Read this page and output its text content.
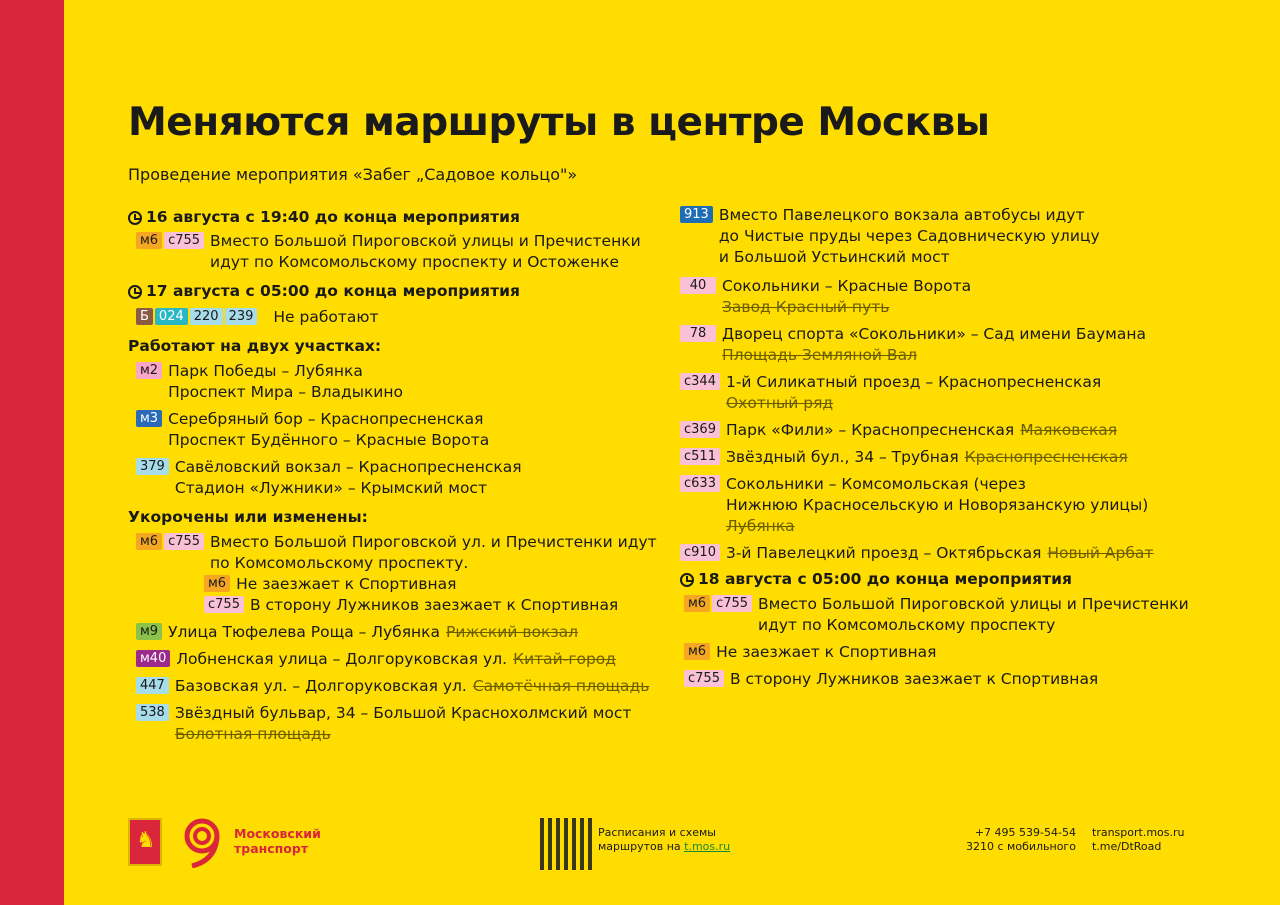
Меняются маршруты в центре Москвы
Проведение мероприятия «Забег „Садовое кольцо"»
16 августа с 19:40 до конца мероприятия
м6 с755 Вместо Большой Пироговской улицы и Пречистенки
идут по Комсомольскому проспекту и Остоженке
17 августа с 05:00 до конца мероприятия
Б 024 220 239 Не работают
Работают на двух участках:
м2 Парк Победы – Лубянка
Проспект Мира – Владыкино
м3 Серебряный бор – Краснопресненская
Проспект Будённого – Красные Ворота
379 Савёловский вокзал – Краснопресненская
Стадион «Лужники» – Крымский мост
Укорочены или изменены:
м6 с755 Вместо Большой Пироговской ул. и Пречистенки идут
по Комсомольскому проспекту.
м6 Не заезжает к Спортивная
с755 В сторону Лужников заезжает к Спортивная
м9 Улица Тюфелева Роща – Лубянка Рижский вокзал
м40 Лобненская улица – Долгоруковская ул. Китай-город
447 Базовская ул. – Долгоруковская ул. Самотёчная площадь
538 Звёздный бульвар, 34 – Большой Краснохолмский мост
Болотная площадь
913 Вместо Павелецкого вокзала автобусы идут
до Чистые пруды через Садовническую улицу
и Большой Устьинский мост
40	Сокольники – Красные Ворота
Завод Красный путь
78	Дворец спорта «Сокольники» – Сад имени Баумана
Площадь Земляной Вал
с344 1-й Силикатный проезд – Краснопресненская
Охотный ряд
с369 Парк «Фили» – Краснопресненская Маяковская
с511 Звёздный бул., 34 – Трубная Краснопресненская
с633 Сокольники – Комсомольская (через
Нижнюю Красносельскую и Новорязанскую улицы)
Лубянка
с910 3-й Павелецкий проезд – Октябрьская Новый Арбат
18 августа с 05:00 до конца мероприятия
м6 с755 Вместо Большой Пироговской улицы и Пречистенки
идут по Комсомольскому проспекту
м6 Не заезжает к Спортивная
с755 В сторону Лужников заезжает к Спортивная
♞
Московский
транспорт
Расписания и схемы
маршрутов на t.mos.ru
+7 495 539-54-54
3210 с мобильного
transport.mos.ru
t.me/DtRoad
